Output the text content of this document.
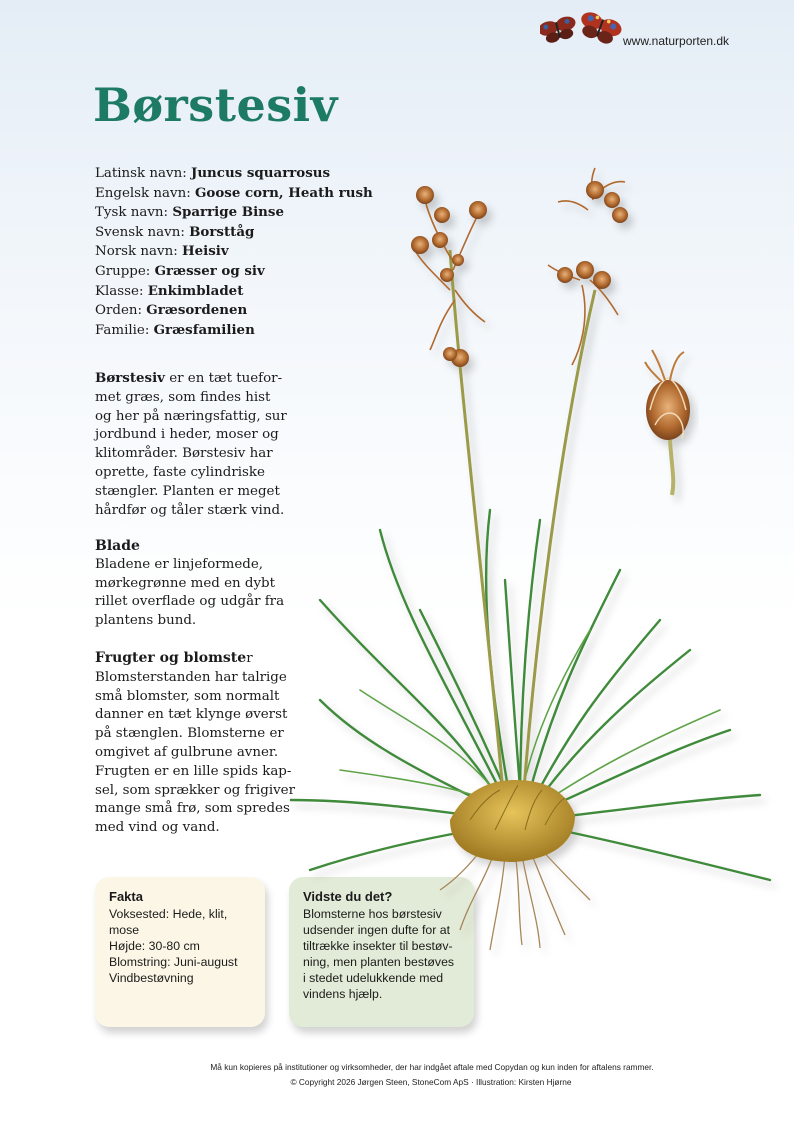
www.naturporten.dk
Børstesiv
Latinsk navn: Juncus squarrosus
Engelsk navn: Goose corn, Heath rush
Tysk navn: Sparrige Binse
Svensk navn: Borsttåg
Norsk navn: Heisiv
Gruppe: Græsser og siv
Klasse: Enkimbladet
Orden: Græsordenen
Familie: Græsfamilien
Børstesiv er en tæt tuefor-
met græs, som findes hist
og her på næringsfattig, sur
jordbund i heder, moser og
klitområder. Børstesiv har
oprette, faste cylindriske
stængler. Planten er meget
hårdfør og tåler stærk vind.
Blade
Bladene er linjeformede,
mørkegrønne med en dybt
rillet overflade og udgår fra
plantens bund.
Frugter og blomster
Blomsterstanden har talrige
små blomster, som normalt
danner en tæt klynge øverst
på stænglen. Blomsterne er
omgivet af gulbrune avner.
Frugten er en lille spids kap-
sel, som sprækker og frigiver
mange små frø, som spredes
med vind og vand.
Fakta
Voksested: Hede, klit,
mose
Højde: 30-80 cm
Blomstring: Juni-august
Vindbestøvning
Vidste du det?
Blomsterne hos børstesiv
udsender ingen dufte for at
tiltrække insekter til bestøv-
ning, men planten bestøves
i stedet udelukkende med
vindens hjælp.
Må kun kopieres på institutioner og virksomheder, der har indgået aftale med Copydan og kun inden for aftalens rammer.
© Copyright 2026 Jørgen Steen, StoneCom ApS · Illustration: Kirsten Hjørne
